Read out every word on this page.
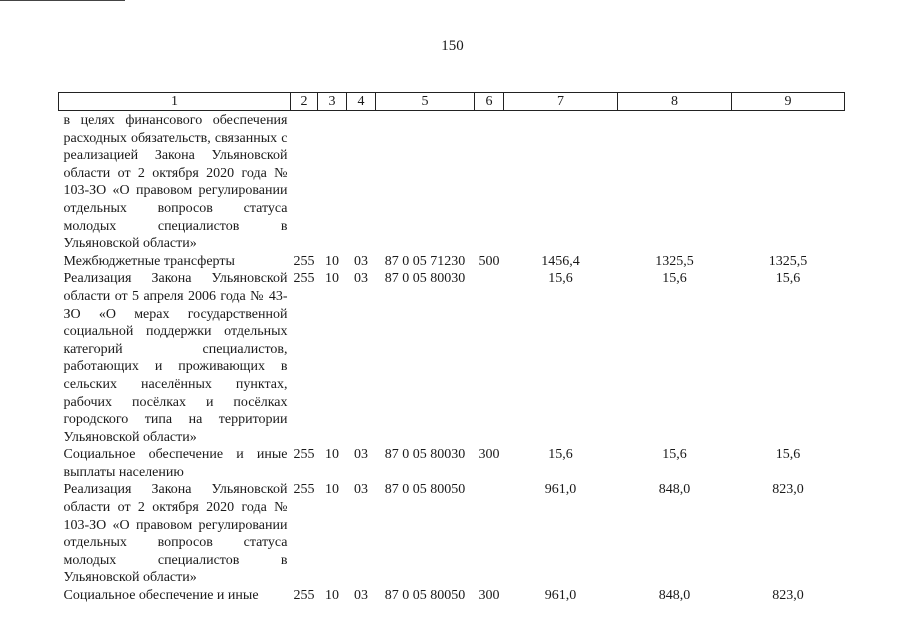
150
1	2	3	4	5	6	7	8	9
в целях финансового обеспечения расходных обязательств, связанных с реализацией Закона Ульяновской области от 2 октября 2020 года № 103-ЗО «О правовом регулировании отдельных вопросов статуса молодых специалистов в Ульяновской области»								
Межбюджетные трансферты	255	10	03	87 0 05 71230	500	1456,4	1325,5	1325,5
Реализация Закона Ульяновской области от 5 апреля 2006 года № 43-ЗО «О мерах государственной социальной поддержки отдельных категорий специалистов, работающих и проживающих в сельских населённых пунктах, рабочих посёлках и посёлках городского типа на территории Ульяновской области»	255	10	03	87 0 05 80030		15,6	15,6	15,6
Социальное обеспечение и иные выплаты населению	255	10	03	87 0 05 80030	300	15,6	15,6	15,6
Реализация Закона Ульяновской области от 2 октября 2020 года № 103-ЗО «О правовом регулировании отдельных вопросов статуса молодых специалистов в Ульяновской области»	255	10	03	87 0 05 80050		961,0	848,0	823,0
Социальное обеспечение и иные	255	10	03	87 0 05 80050	300	961,0	848,0	823,0
